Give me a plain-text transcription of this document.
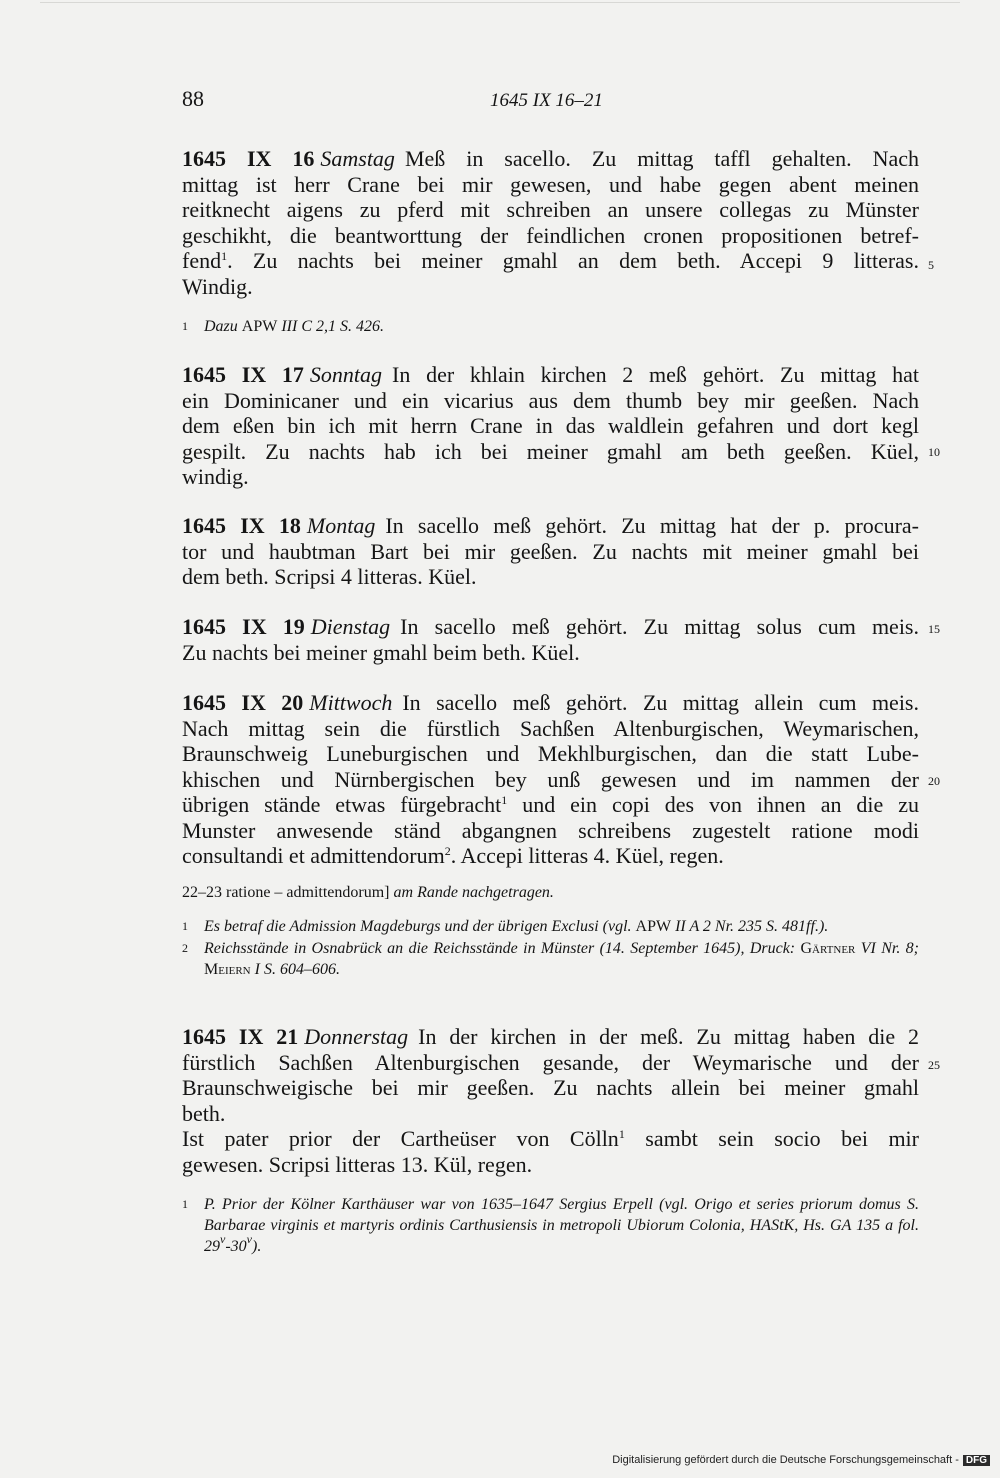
88	1645 IX 16–21
1645 IX 16 Samstag Meß in sacello. Zu mittag taffl gehalten. Nach
mittag ist herr Crane bei mir gewesen, und habe gegen abent meinen
reitknecht aigens zu pferd mit schreiben an unsere collegas zu Münster
geschikht, die beantworttung der feindlichen cronen propositionen betref-
fend$^1$. Zu nachts bei meiner gmahl an dem beth. Accepi 9 litteras.
Windig.
5
1	Dazu APW III C 2,1 S. 426.
1645 IX 17 Sonntag In der khlain kirchen 2 meß gehört. Zu mittag hat
ein Dominicaner und ein vicarius aus dem thumb bey mir geeßen. Nach
dem eßen bin ich mit herrn Crane in das waldlein gefahren und dort kegl
gespilt. Zu nachts hab ich bei meiner gmahl am beth geeßen. Küel,
windig.
10
1645 IX 18 Montag In sacello meß gehört. Zu mittag hat der p. procura-
tor und haubtman Bart bei mir geeßen. Zu nachts mit meiner gmahl bei
dem beth. Scripsi 4 litteras. Küel.
1645 IX 19 Dienstag In sacello meß gehört. Zu mittag solus cum meis.
Zu nachts bei meiner gmahl beim beth. Küel.
15
1645 IX 20 Mittwoch In sacello meß gehört. Zu mittag allein cum meis.
Nach mittag sein die fürstlich Sachßen Altenburgischen, Weymarischen,
Braunschweig Luneburgischen und Mekhlburgischen, dan die statt Lube-
khischen und Nürnbergischen bey unß gewesen und im nammen der
übrigen stände etwas fürgebracht$^1$ und ein copi des von ihnen an die zu
Munster anwesende ständ abgangnen schreibens zugestelt ratione modi
consultandi et admittendorum$^2$. Accepi litteras 4. Küel, regen.
20
22–23 ratione – admittendorum] am Rande nachgetragen.
1	Es betraf die Admission Magdeburgs und der übrigen Exclusi (vgl. APW II A 2 Nr. 235 S. 481ff.).
2	Reichsstände in Osnabrück an die Reichsstände in Münster (14. September 1645), Druck: Gärtner VI Nr. 8; Meiern I S. 604–606.
1645 IX 21 Donnerstag In der kirchen in der meß. Zu mittag haben die 2
fürstlich Sachßen Altenburgischen gesande, der Weymarische und der
Braunschweigische bei mir geeßen. Zu nachts allein bei meiner gmahl
beth.
Ist pater prior der Cartheüser von Cölln$^1$ sambt sein socio bei mir
gewesen. Scripsi litteras 13. Kül, regen.
25
1	P. Prior der Kölner Karthäuser war von 1635–1647 Sergius Erpell (vgl. Origo et series priorum domus S. Barbarae virginis et martyris ordinis Carthusiensis in metropoli Ubiorum Colonia, HAStK, Hs. GA 135 a fol. 29$^v$-30$^v$).
Digitalisierung gefördert durch die Deutsche Forschungsgemeinschaft - DFG
